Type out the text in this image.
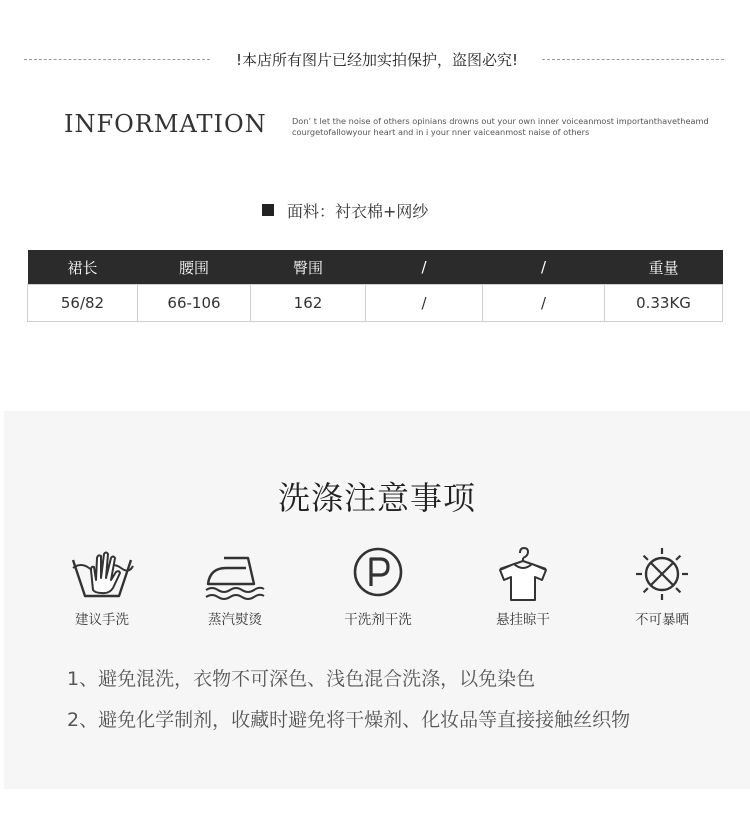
!本店所有图片已经加实拍保护，盗图必究!
INFORMATION	Don’ t let the noise of others opinians drowns out your own inner voiceanmost importanthavetheamd courgetofallowyour heart and in i your nner vaiceanmost naise of others
面料：衬衣棉+网纱
裙长	腰围	臀围	/	/	重量
56/82	66-106	162	/	/	0.33KG
洗涤注意事项
建议手洗	蒸汽熨烫	干洗剂干洗	悬挂晾干	不可暴晒
1、避免混洗，衣物不可深色、浅色混合洗涤，以免染色
2、避免化学制剂，收藏时避免将干燥剂、化妆品等直接接触丝织物
